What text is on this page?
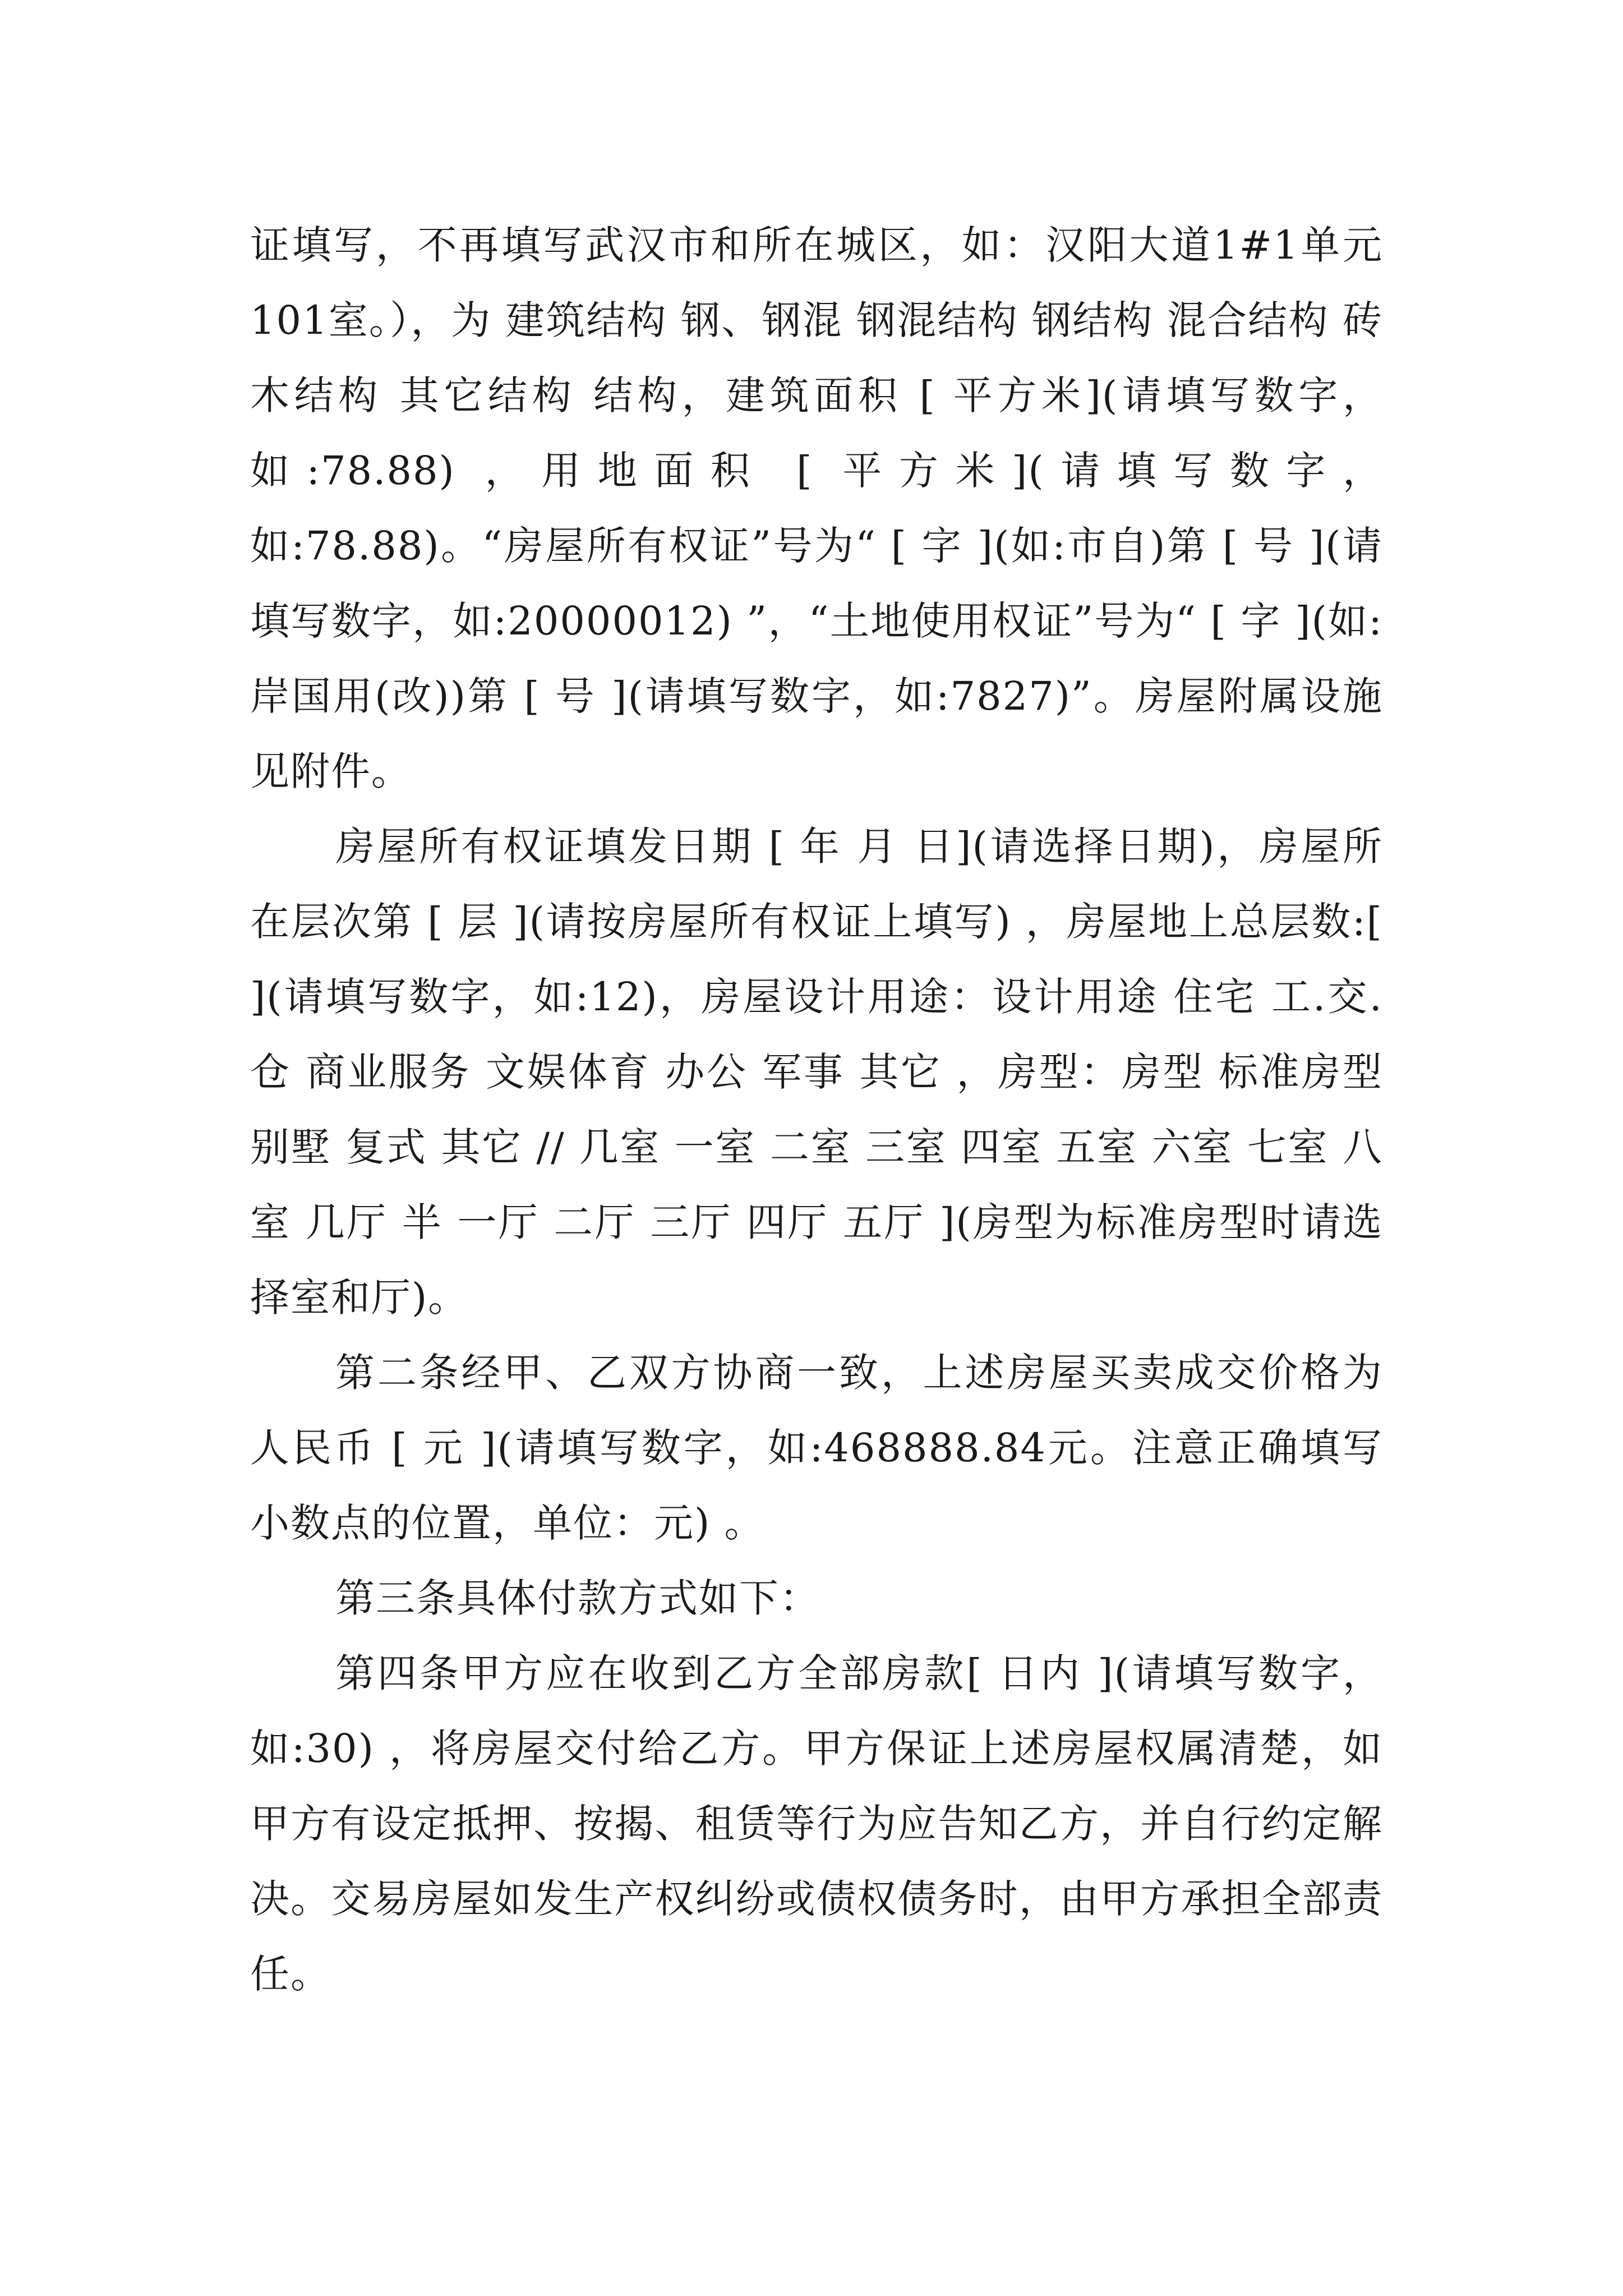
证填写，不再填写武汉市和所在城区，如：汉阳大道1#1单元101室。），为 建筑结构 钢、钢混 钢混结构 钢结构 混合结构 砖木结构 其它结构 结构，建筑面积 [ 平方米](请填写数字，如:78.88) ，用地面积 [ 平方米](请填写数字，如:78.88)。“房屋所有权证”号为“ [ 字 ](如:市自)第 [ 号 ](请填写数字，如:20000012) ”，“土地使用权证”号为“ [ 字 ](如:岸国用(改))第 [ 号 ](请填写数字，如:7827)”。房屋附属设施见附件。

房屋所有权证填发日期 [ 年 月 日](请选择日期)，房屋所在层次第 [ 层 ](请按房屋所有权证上填写) ，房屋地上总层数:[ ](请填写数字，如:12)，房屋设计用途：设计用途 住宅 工.交.仓 商业服务 文娱体育 办公 军事 其它 ，房型：房型 标准房型 别墅 复式 其它 // 几室 一室 二室 三室 四室 五室 六室 七室 八室 几厅 半 一厅 二厅 三厅 四厅 五厅 ](房型为标准房型时请选择室和厅)。

第二条经甲、乙双方协商一致，上述房屋买卖成交价格为人民币 [ 元 ](请填写数字，如:468888.84元。注意正确填写小数点的位置，单位：元) 。

第三条具体付款方式如下：

第四条甲方应在收到乙方全部房款[ 日内 ](请填写数字，如:30) ，将房屋交付给乙方。甲方保证上述房屋权属清楚，如甲方有设定抵押、按揭、租赁等行为应告知乙方，并自行约定解决。交易房屋如发生产权纠纷或债权债务时，由甲方承担全部责任。
